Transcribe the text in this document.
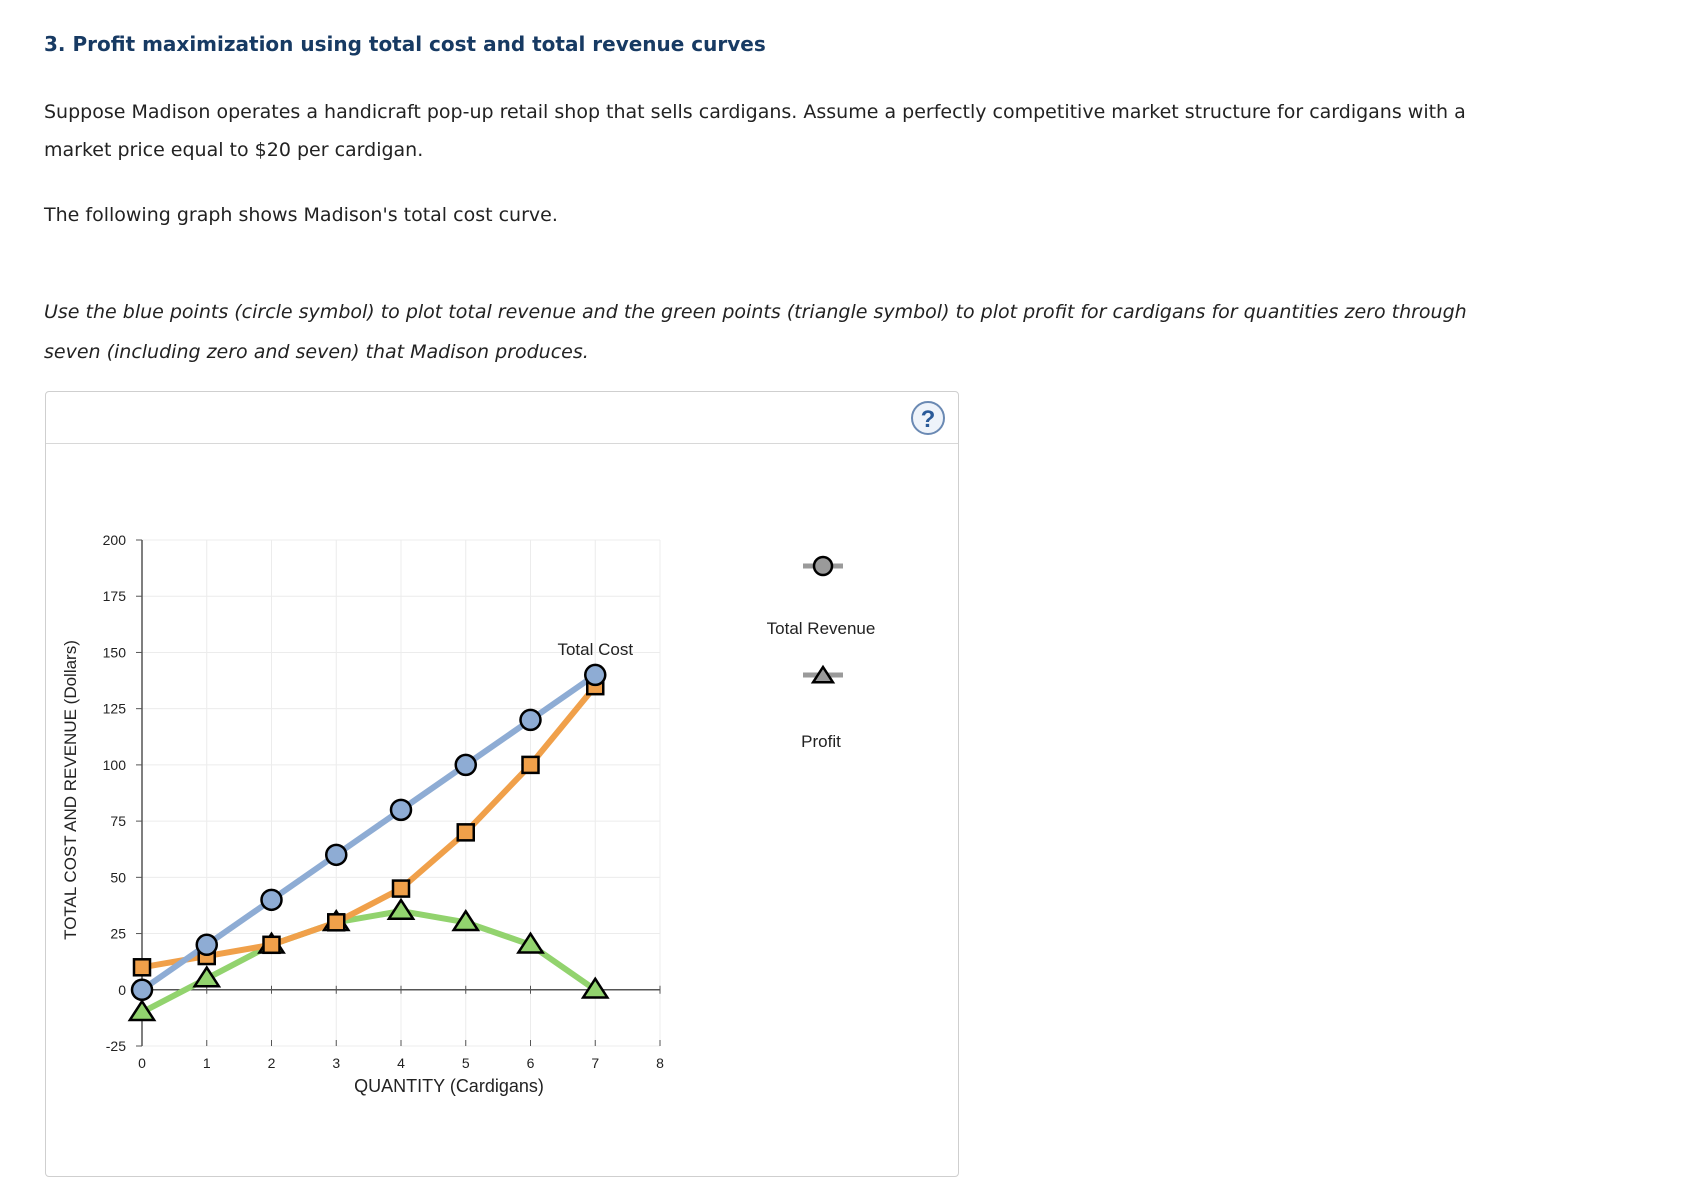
3. Profit maximization using total cost and total revenue curves

Suppose Madison operates a handicraft pop-up retail shop that sells cardigans. Assume a perfectly competitive market structure for cardigans with a market price equal to $20 per cardigan.

The following graph shows Madison's total cost curve.

Use the blue points (circle symbol) to plot total revenue and the green points (triangle symbol) to plot profit for cardigans for quantities zero through seven (including zero and seven) that Madison produces.

?
-25
0
25
50
75
100
125
150
175
200
0	1	2	3	4	5	6	7	8
QUANTITY (Cardigans)
TOTAL COST AND REVENUE (Dollars)	Total Cost
Total Revenue
Profit
